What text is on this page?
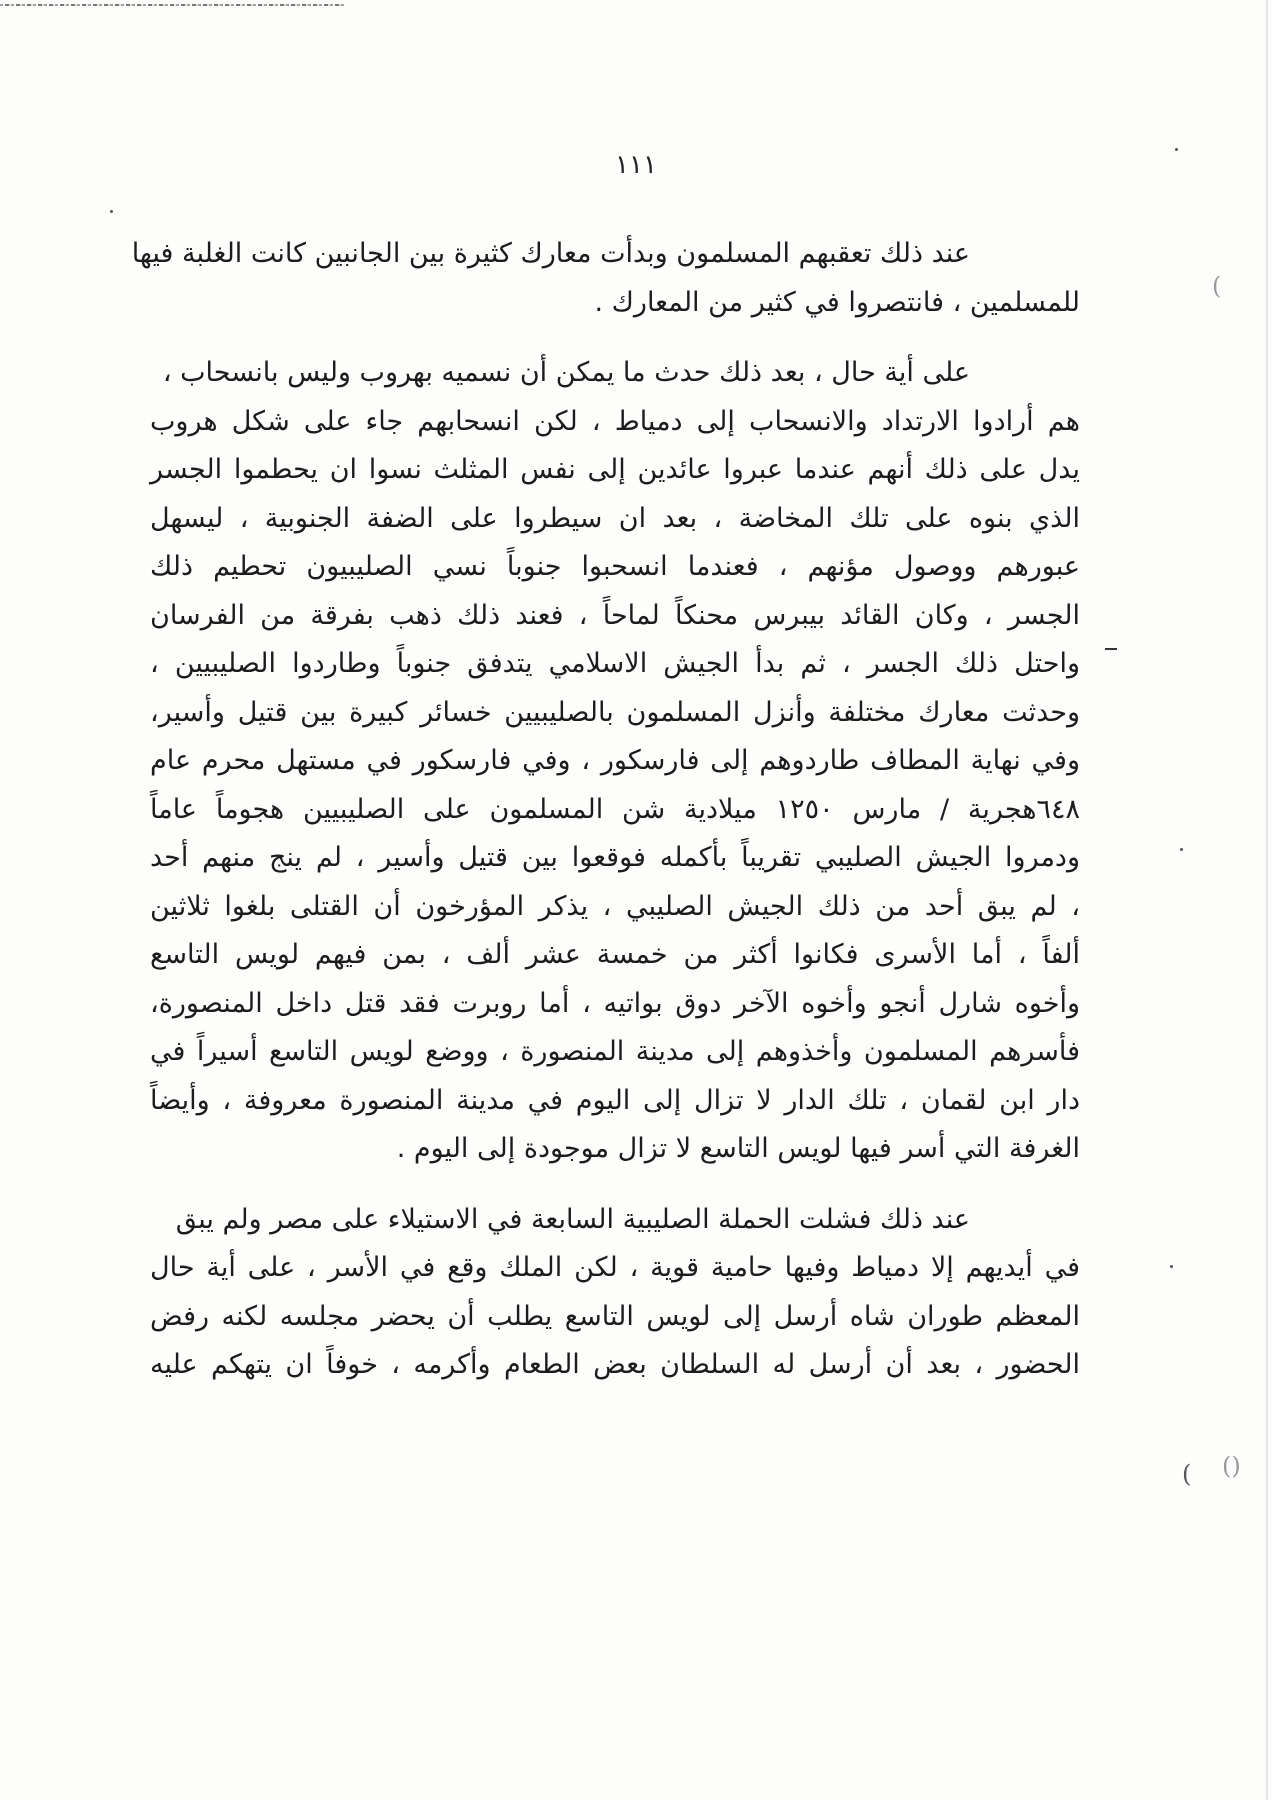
١١١
عند ذلك تعقبهم المسلمون وبدأت معارك كثيرة بين الجانبين كانت الغلبة فيها
للمسلمين ، فانتصروا في كثير من المعارك .
على أية حال ، بعد ذلك حدث ما يمكن أن نسميه بهروب وليس بانسحاب ،
هم أرادوا الارتداد والانسحاب إلى دمياط ، لكن انسحابهم جاء على شكل هروب
يدل على ذلك أنهم عندما عبروا عائدين إلى نفس المثلث نسوا ان يحطموا الجسر
الذي بنوه على تلك المخاضة ، بعد ان سيطروا على الضفة الجنوبية ، ليسهل
عبورهم ووصول مؤنهم ، فعندما انسحبوا جنوباً نسي الصليبيون تحطيم ذلك
الجسر ، وكان القائد بيبرس محنكاً لماحاً ، فعند ذلك ذهب بفرقة من الفرسان
واحتل ذلك الجسر ، ثم بدأ الجيش الاسلامي يتدفق جنوباً وطاردوا الصليبيين ،
وحدثت معارك مختلفة وأنزل المسلمون بالصليبيين خسائر كبيرة بين قتيل وأسير،
وفي نهاية المطاف طاردوهم إلى فارسكور ، وفي فارسكور في مستهل محرم عام
٦٤٨هجرية / مارس ١٢٥٠ ميلادية شن المسلمون على الصليبيين هجوماً عاماً
ودمروا الجيش الصليبي تقريباً بأكمله فوقعوا بين قتيل وأسير ، لم ينج منهم أحد
، لم يبق أحد من ذلك الجيش الصليبي ، يذكر المؤرخون أن القتلى بلغوا ثلاثين
ألفاً ، أما الأسرى فكانوا أكثر من خمسة عشر ألف ، بمن فيهم لويس التاسع
وأخوه شارل أنجو وأخوه الآخر دوق بواتيه ، أما روبرت فقد قتل داخل المنصورة،
فأسرهم المسلمون وأخذوهم إلى مدينة المنصورة ، ووضع لويس التاسع أسيراً في
دار ابن لقمان ، تلك الدار لا تزال إلى اليوم في مدينة المنصورة معروفة ، وأيضاً
الغرفة التي أسر فيها لويس التاسع لا تزال موجودة إلى اليوم .
عند ذلك فشلت الحملة الصليبية السابعة في الاستيلاء على مصر ولم يبق
في أيديهم إلا دمياط وفيها حامية قوية ، لكن الملك وقع في الأسر ، على أية حال
المعظم طوران شاه أرسل إلى لويس التاسع يطلب أن يحضر مجلسه لكنه رفض
الحضور ، بعد أن أرسل له السلطان بعض الطعام وأكرمه ، خوفاً ان يتهكم عليه
(
( ()
